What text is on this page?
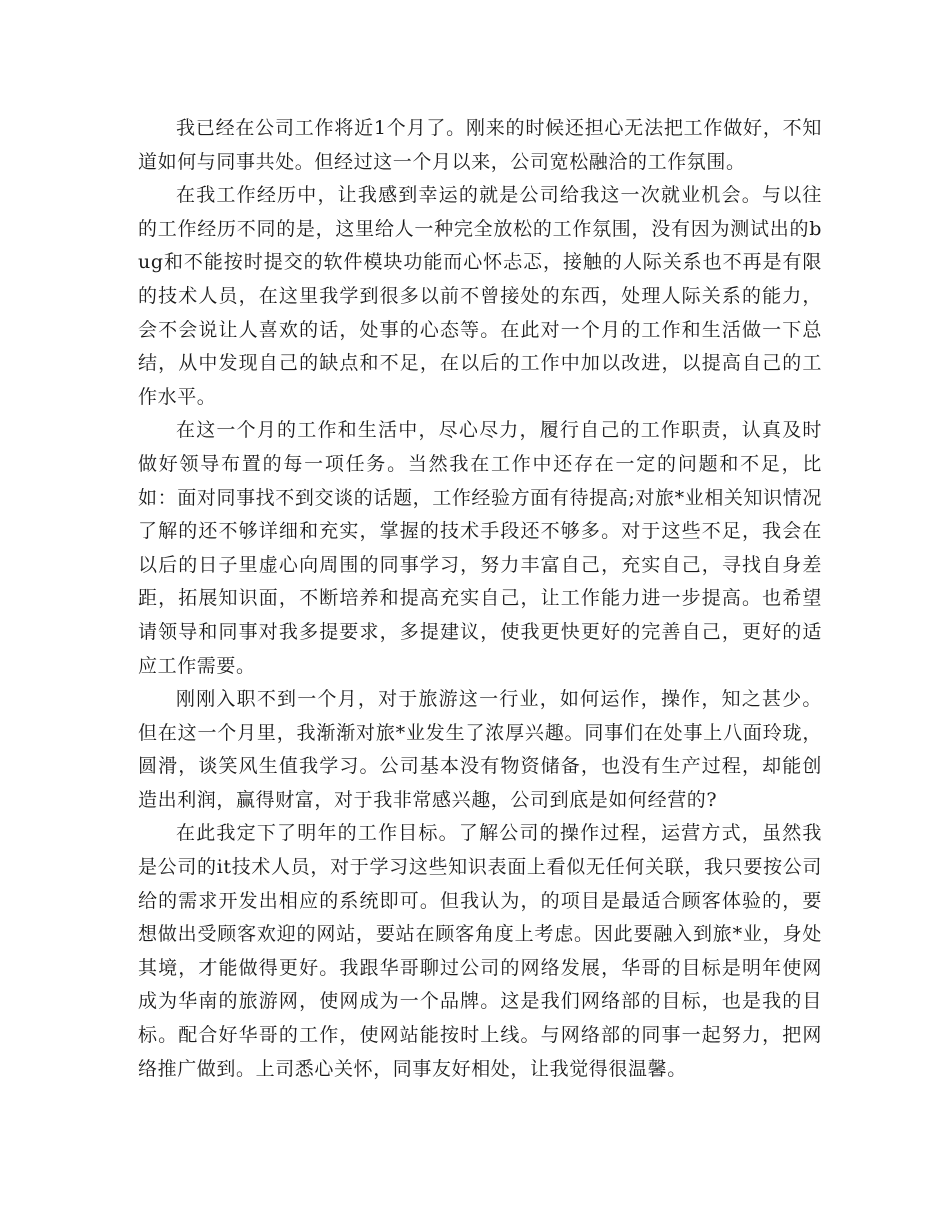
我已经在公司工作将近1个月了。刚来的时候还担心无法把工作做好，不知道如何与同事共处。但经过这一个月以来，公司宽松融洽的工作氛围。

在我工作经历中，让我感到幸运的就是公司给我这一次就业机会。与以往的工作经历不同的是，这里给人一种完全放松的工作氛围，没有因为测试出的bug和不能按时提交的软件模块功能而心怀忐忑，接触的人际关系也不再是有限的技术人员，在这里我学到很多以前不曾接处的东西，处理人际关系的能力，会不会说让人喜欢的话，处事的心态等。在此对一个月的工作和生活做一下总结，从中发现自己的缺点和不足，在以后的工作中加以改进，以提高自己的工作水平。

在这一个月的工作和生活中，尽心尽力，履行自己的工作职责，认真及时做好领导布置的每一项任务。当然我在工作中还存在一定的问题和不足，比如：面对同事找不到交谈的话题，工作经验方面有待提高;对旅*业相关知识情况了解的还不够详细和充实，掌握的技术手段还不够多。对于这些不足，我会在以后的日子里虚心向周围的同事学习，努力丰富自己，充实自己，寻找自身差距，拓展知识面，不断培养和提高充实自己，让工作能力进一步提高。也希望请领导和同事对我多提要求，多提建议，使我更快更好的完善自己，更好的适应工作需要。

刚刚入职不到一个月，对于旅游这一行业，如何运作，操作，知之甚少。但在这一个月里，我渐渐对旅*业发生了浓厚兴趣。同事们在处事上八面玲珑，圆滑，谈笑风生值我学习。公司基本没有物资储备，也没有生产过程，却能创造出利润，赢得财富，对于我非常感兴趣，公司到底是如何经营的?

在此我定下了明年的工作目标。了解公司的操作过程，运营方式，虽然我是公司的it技术人员，对于学习这些知识表面上看似无任何关联，我只要按公司给的需求开发出相应的系统即可。但我认为，的项目是最适合顾客体验的，要想做出受顾客欢迎的网站，要站在顾客角度上考虑。因此要融入到旅*业，身处其境，才能做得更好。我跟华哥聊过公司的网络发展，华哥的目标是明年使网成为华南的旅游网，使网成为一个品牌。这是我们网络部的目标，也是我的目标。配合好华哥的工作，使网站能按时上线。与网络部的同事一起努力，把网络推广做到。上司悉心关怀，同事友好相处，让我觉得很温馨。
